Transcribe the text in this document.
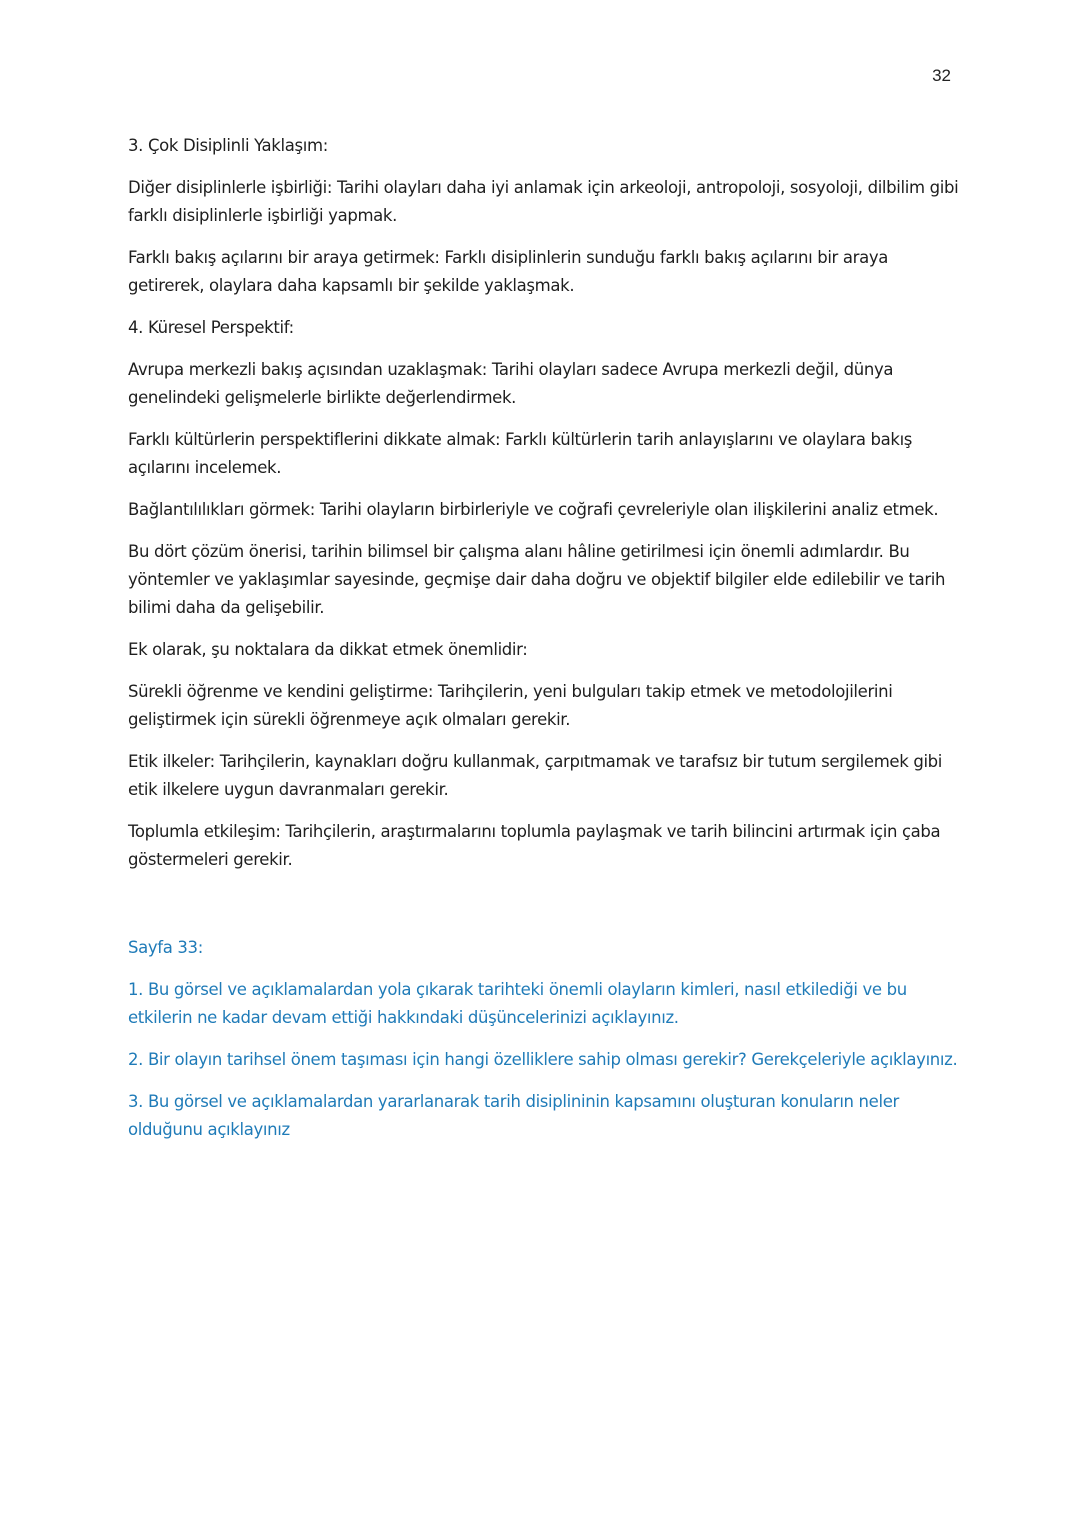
32

3. Çok Disiplinli Yaklaşım:

Diğer disiplinlerle işbirliği: Tarihi olayları daha iyi anlamak için arkeoloji, antropoloji, sosyoloji, dilbilim gibi farklı disiplinlerle işbirliği yapmak.

Farklı bakış açılarını bir araya getirmek: Farklı disiplinlerin sunduğu farklı bakış açılarını bir araya getirerek, olaylara daha kapsamlı bir şekilde yaklaşmak.

4. Küresel Perspektif:

Avrupa merkezli bakış açısından uzaklaşmak: Tarihi olayları sadece Avrupa merkezli değil, dünya genelindeki gelişmelerle birlikte değerlendirmek.

Farklı kültürlerin perspektiflerini dikkate almak: Farklı kültürlerin tarih anlayışlarını ve olaylara bakış açılarını incelemek.

Bağlantılılıkları görmek: Tarihi olayların birbirleriyle ve coğrafi çevreleriyle olan ilişkilerini analiz etmek.

Bu dört çözüm önerisi, tarihin bilimsel bir çalışma alanı hâline getirilmesi için önemli adımlardır. Bu yöntemler ve yaklaşımlar sayesinde, geçmişe dair daha doğru ve objektif bilgiler elde edilebilir ve tarih bilimi daha da gelişebilir.

Ek olarak, şu noktalara da dikkat etmek önemlidir:

Sürekli öğrenme ve kendini geliştirme: Tarihçilerin, yeni bulguları takip etmek ve metodolojilerini geliştirmek için sürekli öğrenmeye açık olmaları gerekir.

Etik ilkeler: Tarihçilerin, kaynakları doğru kullanmak, çarpıtmamak ve tarafsız bir tutum sergilemek gibi etik ilkelere uygun davranmaları gerekir.

Toplumla etkileşim: Tarihçilerin, araştırmalarını toplumla paylaşmak ve tarih bilincini artırmak için çaba göstermeleri gerekir.

Sayfa 33:

1. Bu görsel ve açıklamalardan yola çıkarak tarihteki önemli olayların kimleri, nasıl etkilediği ve bu etkilerin ne kadar devam ettiği hakkındaki düşüncelerinizi açıklayınız.

2. Bir olayın tarihsel önem taşıması için hangi özelliklere sahip olması gerekir? Gerekçeleriyle açıklayınız.

3. Bu görsel ve açıklamalardan yararlanarak tarih disiplininin kapsamını oluşturan konuların neler olduğunu açıklayınız
